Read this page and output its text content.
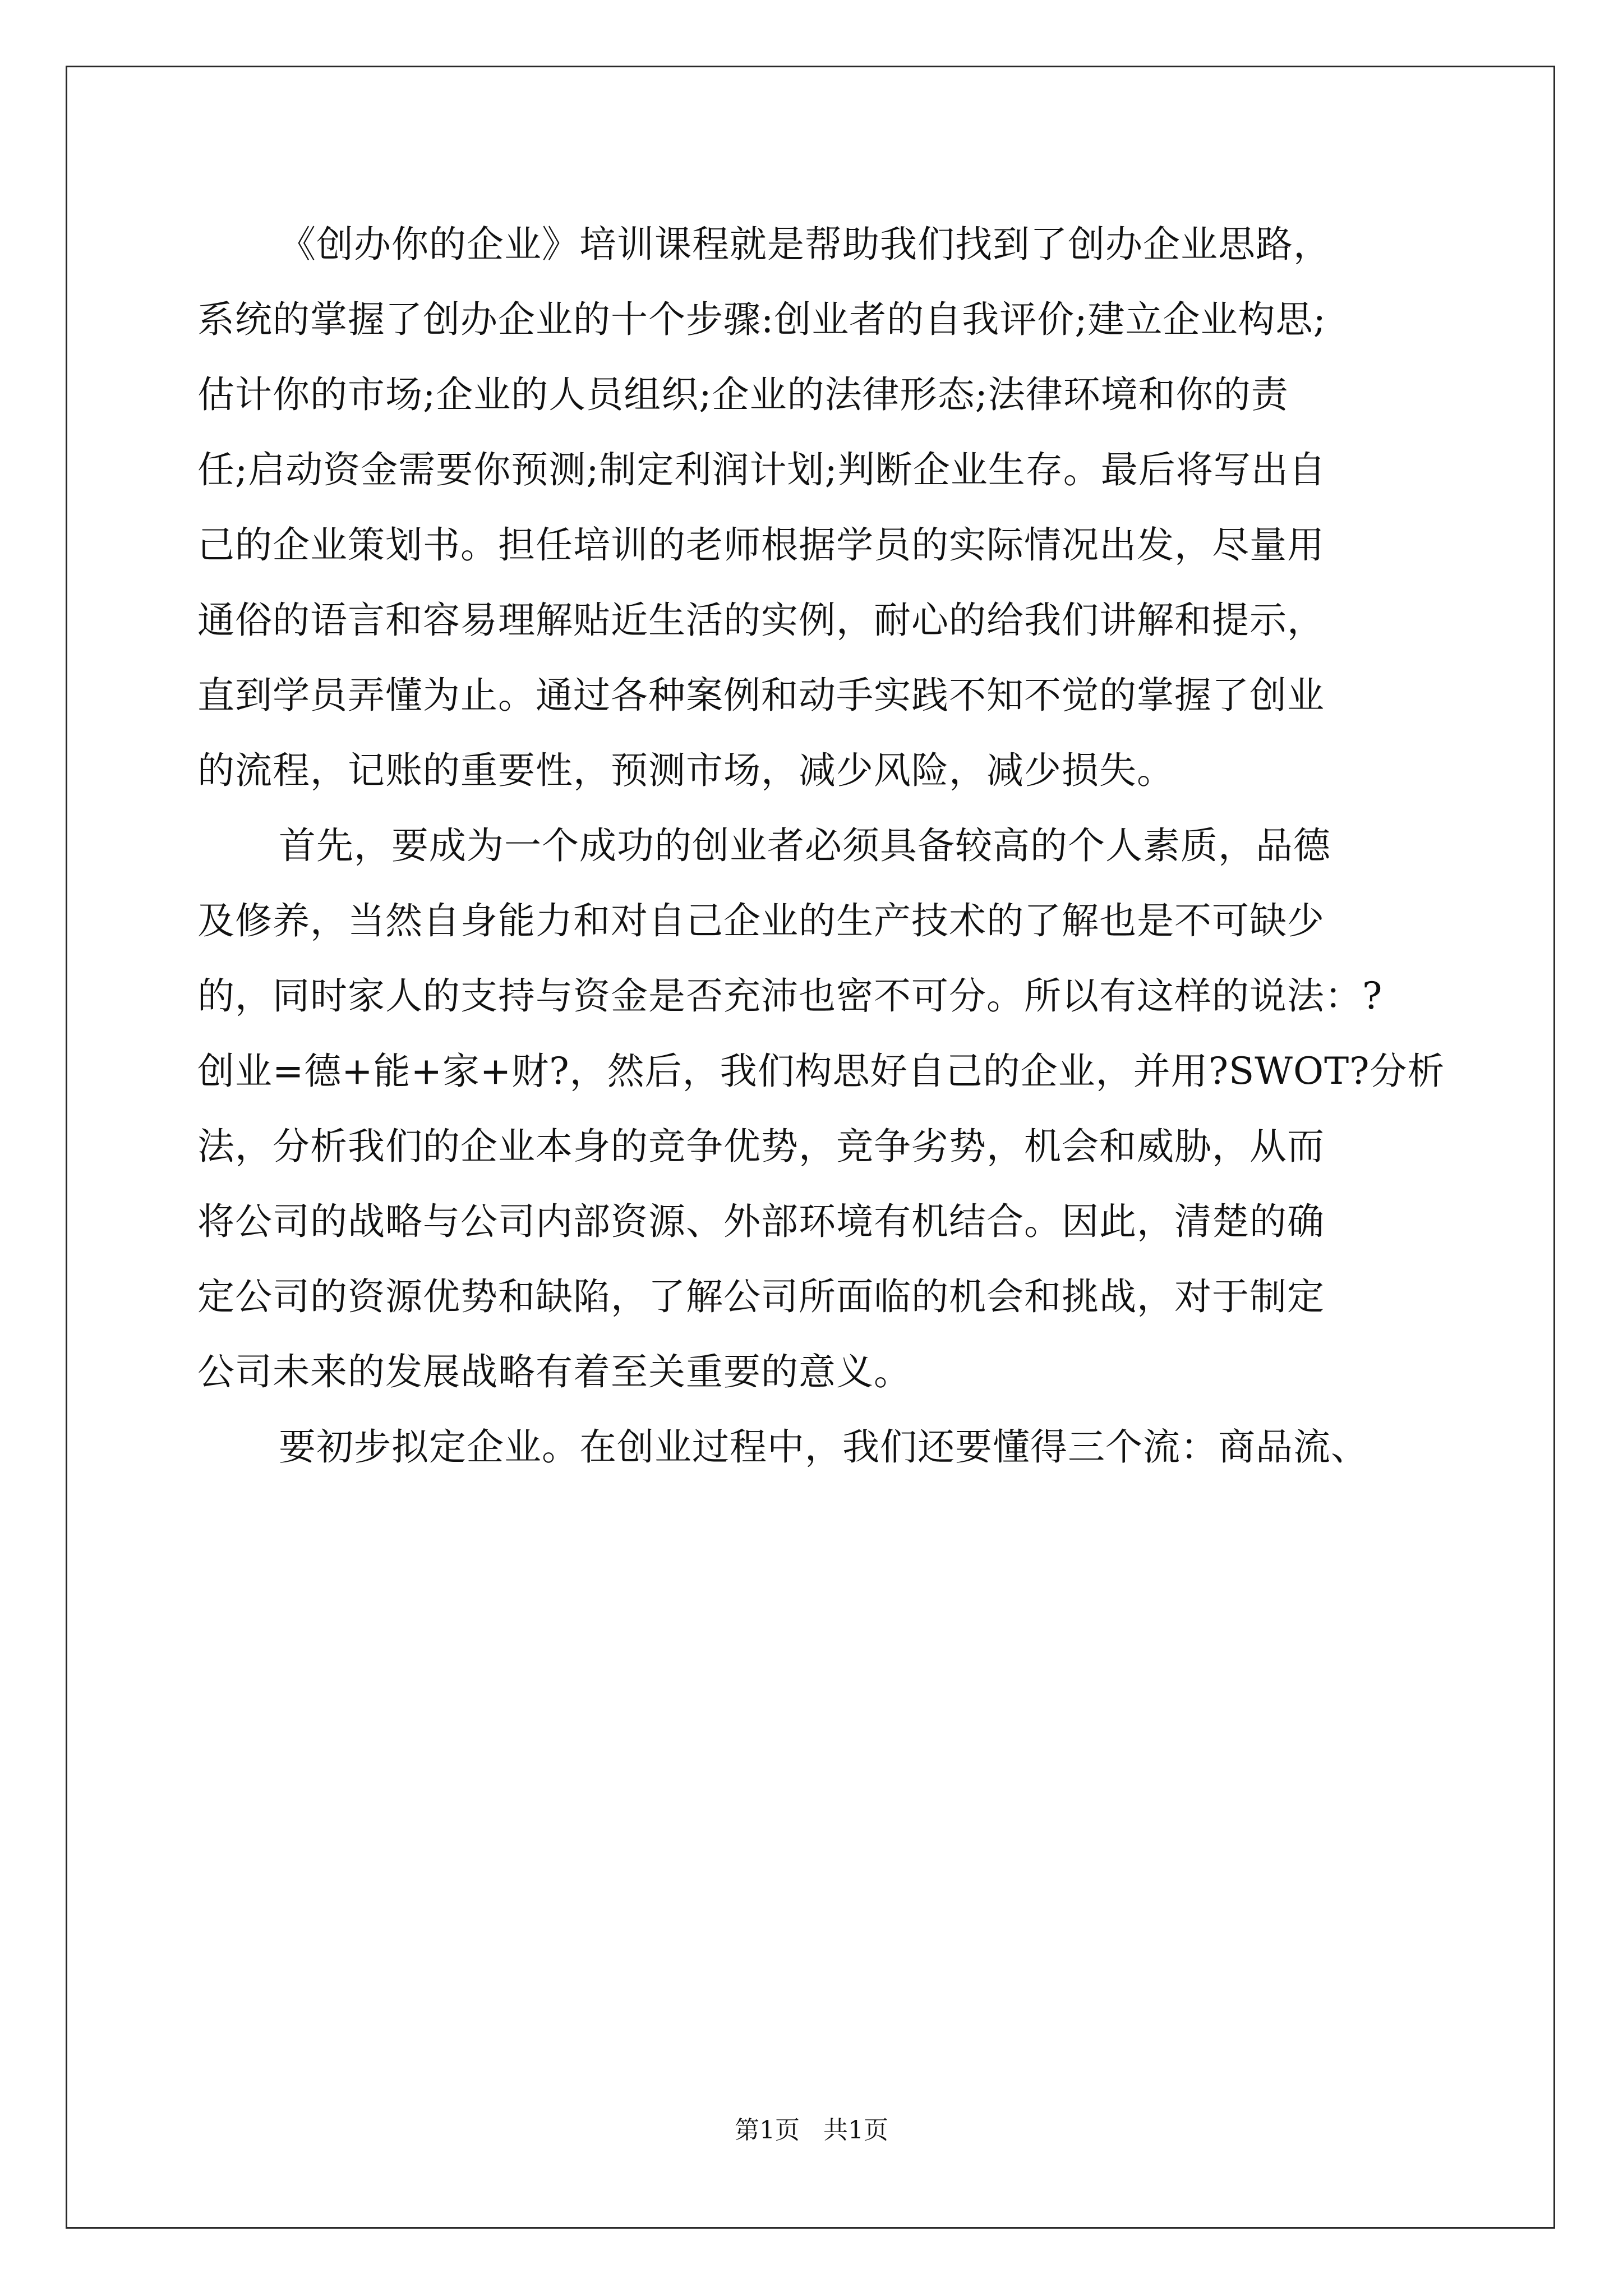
《创办你的企业》培训课程就是帮助我们找到了创办企业思路，
系统的掌握了创办企业的十个步骤:创业者的自我评价;建立企业构思;
估计你的市场;企业的人员组织;企业的法律形态;法律环境和你的责
任;启动资金需要你预测;制定利润计划;判断企业生存。最后将写出自
己的企业策划书。担任培训的老师根据学员的实际情况出发，尽量用
通俗的语言和容易理解贴近生活的实例，耐心的给我们讲解和提示，
直到学员弄懂为止。通过各种案例和动手实践不知不觉的掌握了创业
的流程，记账的重要性，预测市场，减少风险，减少损失。
首先，要成为一个成功的创业者必须具备较高的个人素质，品德
及修养，当然自身能力和对自己企业的生产技术的了解也是不可缺少
的，同时家人的支持与资金是否充沛也密不可分。所以有这样的说法：?
创业=德+能+家+财?，然后，我们构思好自己的企业，并用?SWOT?分析
法，分析我们的企业本身的竞争优势，竞争劣势，机会和威胁，从而
将公司的战略与公司内部资源、外部环境有机结合。因此，清楚的确
定公司的资源优势和缺陷，了解公司所面临的机会和挑战，对于制定
公司未来的发展战略有着至关重要的意义。
要初步拟定企业。在创业过程中，我们还要懂得三个流：商品流、
第1页   共1页
